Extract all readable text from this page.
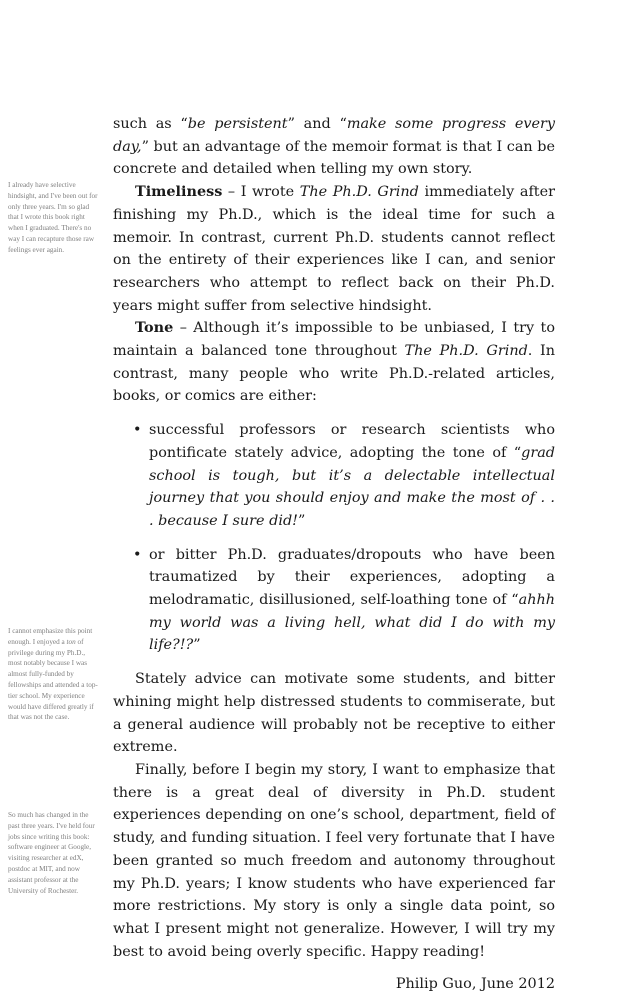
I already have selective hindsight, and I've been out for only three years. I'm so glad that I wrote this book right when I graduated. There's no way I can recapture those raw feelings ever again.
I cannot emphasize this point enough. I enjoyed a ton of privilege during my Ph.D., most notably because I was almost fully-funded by fellowships and attended a top-tier school. My experience would have differed greatly if that was not the case.
So much has changed in the past three years. I've held four jobs since writing this book: software engineer at Google, visiting researcher at edX, postdoc at MIT, and now assistant professor at the University of Rochester.

such as “be persistent” and “make some progress every day,” but an advantage of the memoir format is that I can be concrete and detailed when telling my own story.

Timeliness – I wrote The Ph.D. Grind immediately after finishing my Ph.D., which is the ideal time for such a memoir. In contrast, current Ph.D. students cannot reflect on the entirety of their experiences like I can, and senior researchers who attempt to reflect back on their Ph.D. years might suffer from selective hindsight.

Tone – Although it’s impossible to be unbiased, I try to maintain a balanced tone throughout The Ph.D. Grind. In contrast, many people who write Ph.D.-related articles, books, or comics are either:

• successful professors or research scientists who pontificate stately advice, adopting the tone of “grad school is tough, but it’s a delectable intellectual journey that you should enjoy and make the most of . . . because I sure did!”
• or bitter Ph.D. graduates/dropouts who have been traumatized by their experiences, adopting a melodramatic, disillusioned, self-loathing tone of “ahhh my world was a living hell, what did I do with my life?!?”

Stately advice can motivate some students, and bitter whining might help distressed students to commiserate, but a general audience will probably not be receptive to either extreme.

Finally, before I begin my story, I want to emphasize that there is a great deal of diversity in Ph.D. student experiences depending on one’s school, department, field of study, and funding situation. I feel very fortunate that I have been granted so much freedom and autonomy throughout my Ph.D. years; I know students who have experienced far more restrictions. My story is only a single data point, so what I present might not generalize. However, I will try my best to avoid being overly specific. Happy reading!

Philip Guo, June 2012
